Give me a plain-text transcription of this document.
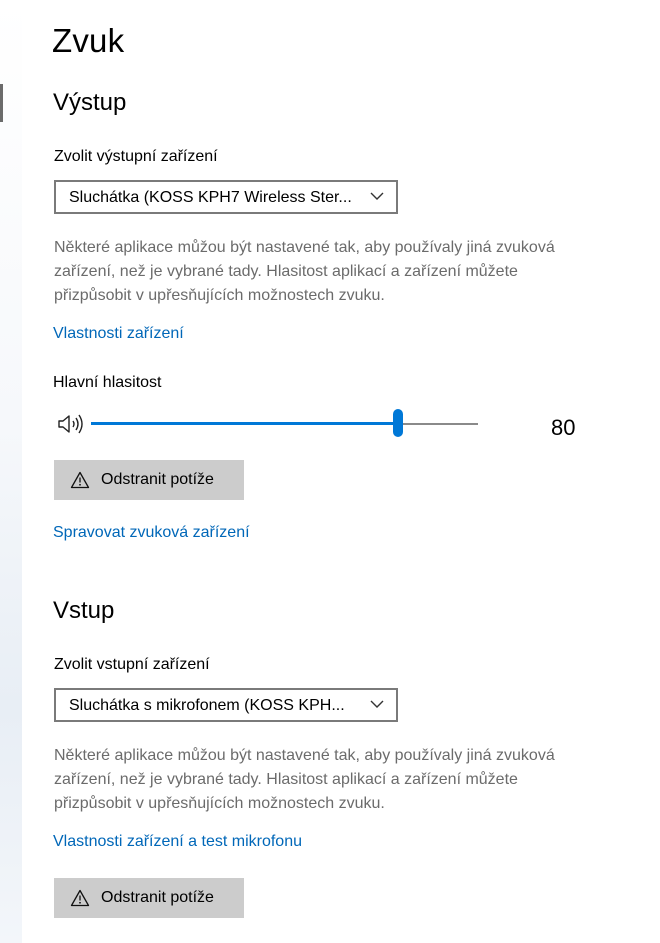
Zvuk
Výstup
Zvolit výstupní zařízení
Sluchátka (KOSS KPH7 Wireless Ster...
Některé aplikace můžou být nastavené tak, aby používaly jiná zvuková
zařízení, než je vybrané tady. Hlasitost aplikací a zařízení můžete
přizpůsobit v upřesňujících možnostech zvuku.
Vlastnosti zařízení
Hlavní hlasitost
80
Odstranit potíže
Spravovat zvuková zařízení
Vstup
Zvolit vstupní zařízení
Sluchátka s mikrofonem (KOSS KPH...
Některé aplikace můžou být nastavené tak, aby používaly jiná zvuková
zařízení, než je vybrané tady. Hlasitost aplikací a zařízení můžete
přizpůsobit v upřesňujících možnostech zvuku.
Vlastnosti zařízení a test mikrofonu
Odstranit potíže
